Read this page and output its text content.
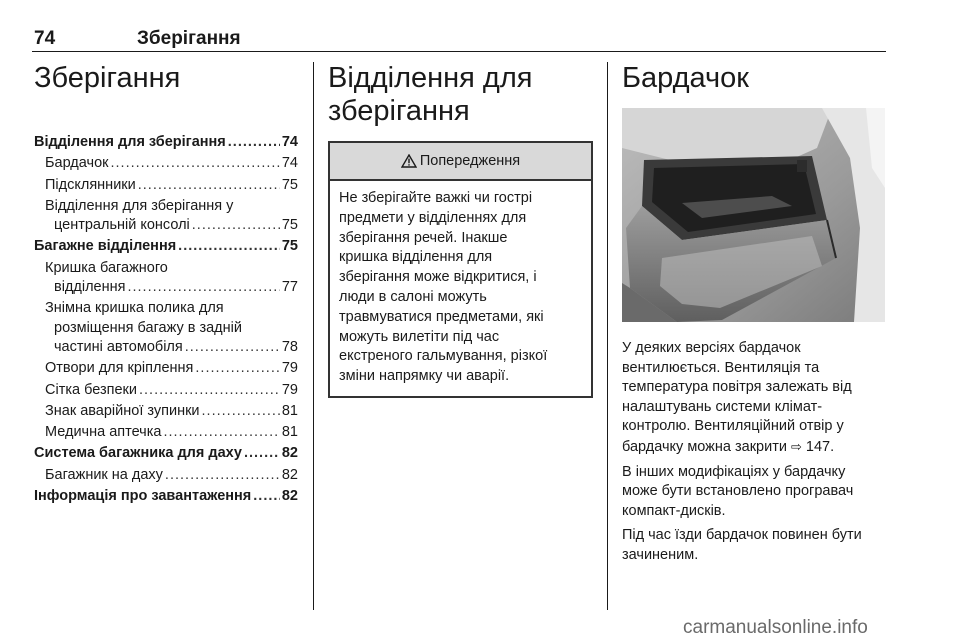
74	Зберігання
Зберігання
Відділення для зберігання .....	74
Бардачок .....	74
Підсклянники .....	75
Відділення для зберігання у
центральній консолі .....	75
Багажне відділення .....	75
Кришка багажного
відділення .....	77
Знімна кришка полика для
розміщення багажу в задній
частині автомобіля .....	78
Отвори для кріплення .....	79
Сітка безпеки .....	79
Знак аварійної зупинки .....	81
Медична аптечка .....	81
Система багажника для даху .....	82
Багажник на даху .....	82
Інформація про завантаження ..... 82
Відділення для
зберігання
Попередження
Не зберігайте важкі чи гострі
предмети у відділеннях для
зберігання речей. Інакше
кришка відділення для
зберігання може відкритися, і
люди в салоні можуть
травмуватися предметами, які
можуть вилетіти під час
екстреного гальмування, різкої
зміни напрямку чи аварії.
Бардачок

У деяких версіях бардачок
вентилюється. Вентиляція та
температура повітря залежать від
налаштувань системи клімат-
контролю. Вентиляційний отвір у
бардачку можна закрити ⇨ 147.

В інших модифікаціях у бардачку
може бути встановлено програвач
компакт-дисків.

Під час їзди бардачок повинен бути
зачиненим.

carmanualsonline.info
